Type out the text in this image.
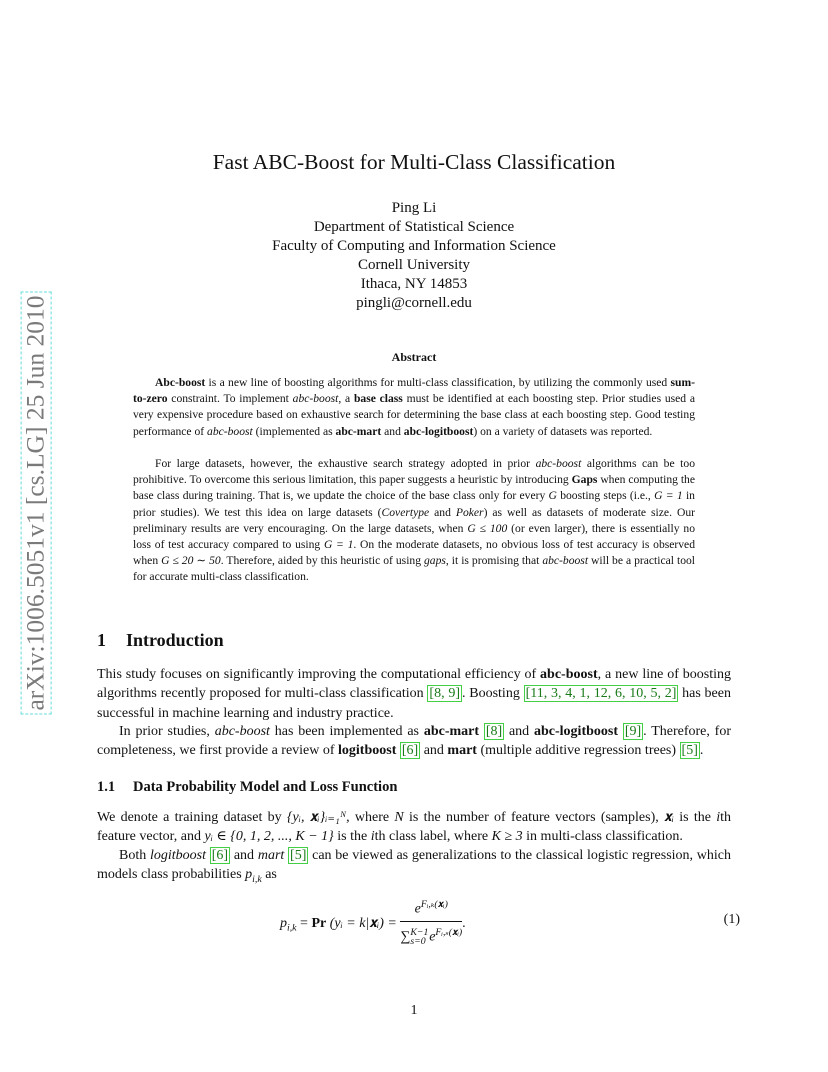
arXiv:1006.5051v1 [cs.LG] 25 Jun 2010
Fast ABC-Boost for Multi-Class Classification
Ping Li
Department of Statistical Science
Faculty of Computing and Information Science
Cornell University
Ithaca, NY 14853
pingli@cornell.edu
Abstract
Abc-boost is a new line of boosting algorithms for multi-class classification, by utilizing the commonly used sum-to-zero constraint. To implement abc-boost, a base class must be identified at each boosting step. Prior studies used a very expensive procedure based on exhaustive search for determining the base class at each boosting step. Good testing performance of abc-boost (implemented as abc-mart and abc-logitboost) on a variety of datasets was reported.
For large datasets, however, the exhaustive search strategy adopted in prior abc-boost algorithms can be too prohibitive. To overcome this serious limitation, this paper suggests a heuristic by introducing Gaps when computing the base class during training. That is, we update the choice of the base class only for every G boosting steps (i.e., G = 1 in prior studies). We test this idea on large datasets (Covertype and Poker) as well as datasets of moderate size. Our preliminary results are very encouraging. On the large datasets, when G ≤ 100 (or even larger), there is essentially no loss of test accuracy compared to using G = 1. On the moderate datasets, no obvious loss of test accuracy is observed when G ≤ 20 ∼ 50. Therefore, aided by this heuristic of using gaps, it is promising that abc-boost will be a practical tool for accurate multi-class classification.
1 Introduction
This study focuses on significantly improving the computational efficiency of abc-boost, a new line of boosting algorithms recently proposed for multi-class classification [8, 9] . Boosting [11, 3, 4, 1, 12, 6, 10, 5, 2] has been successful in machine learning and industry practice.
In prior studies, abc-boost has been implemented as abc-mart [8] and abc-logitboost [9] . Therefore, for completeness, we first provide a review of logitboost [6] and mart (multiple additive regression trees) [5] .
1.1 Data Probability Model and Loss Function
We denote a training dataset by {yᵢ, 𝐱ᵢ}ᵢ₌₁ᴺ, where N is the number of feature vectors (samples), 𝐱ᵢ is the ith feature vector, and yᵢ ∈ {0, 1, 2, ..., K − 1} is the ith class label, where K ≥ 3 in multi-class classification.
Both logitboost [6] and mart [5] can be viewed as generalizations to the classical logistic regression, which models class probabilities $p_{i,k}$ as
$p_{i,k} = Pr$ (yᵢ = k|𝐱ᵢ) = $\frac{e^{Fᵢ,_k(𝐱ᵢ)}}{\sum^{K-1}_{s=0} e^{Fᵢ,_s(𝐱ᵢ)}}$ .	(1)
1
